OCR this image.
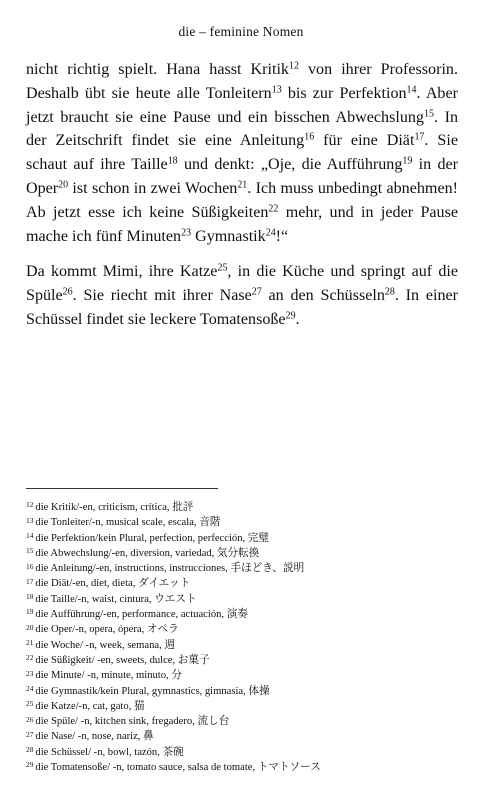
die – feminine Nomen

nicht richtig spielt. Hana hasst Kritik$^{12}$ von ihrer Professorin. Deshalb übt sie heute alle Tonleitern$^{13}$ bis zur Perfektion$^{14}$. Aber jetzt braucht sie eine Pause und ein bisschen Abwechslung$^{15}$. In der Zeitschrift findet sie eine Anleitung$^{16}$ für eine Diät$^{17}$. Sie schaut auf ihre Taille$^{18}$ und denkt: „Oje, die Aufführung$^{19}$ in der Oper$^{20}$ ist schon in zwei Wochen$^{21}$. Ich muss unbedingt abnehmen! Ab jetzt esse ich keine Süßigkeiten$^{22}$ mehr, und in jeder Pause mache ich fünf Minuten$^{23}$ Gymnastik$^{24}$!“

Da kommt Mimi, ihre Katze$^{25}$, in die Küche und springt auf die Spüle$^{26}$. Sie riecht mit ihrer Nase$^{27}$ an den Schüsseln$^{28}$. In einer Schüssel findet sie leckere Tomatensoße$^{29}$.

$^{12}$ die Kritik/-en, criticism, crítica, 批評
$^{13}$ die Tonleiter/-n, musical scale, escala, 音階
$^{14}$ die Perfektion/kein Plural, perfection, perfección, 完璧
$^{15}$ die Abwechslung/-en, diversion, variedad, 気分転換
$^{16}$ die Anleitung/-en, instructions, instrucciones, 手ほどき、説明
$^{17}$ die Diät/-en, diet, dieta, ダイエット
$^{18}$ die Taille/-n, waist, cintura, ウエスト
$^{19}$ die Aufführung/-en, performance, actuación, 演奏
$^{20}$ die Oper/-n, opera, ópera, オペラ
$^{21}$ die Woche/ -n, week, semana, 週
$^{22}$ die Süßigkeit/ -en, sweets, dulce, お菓子
$^{23}$ die Minute/ -n, minute, minuto, 分
$^{24}$ die Gymnastik/kein Plural, gymnastics, gimnasia, 体操
$^{25}$ die Katze/-n, cat, gato, 猫
$^{26}$ die Spüle/ -n, kitchen sink, fregadero, 流し台
$^{27}$ die Nase/ -n, nose, nariz, 鼻
$^{28}$ die Schüssel/ -n, bowl, tazón, 茶碗
$^{29}$ die Tomatensoße/ -n, tomato sauce, salsa de tomate, トマトソース
